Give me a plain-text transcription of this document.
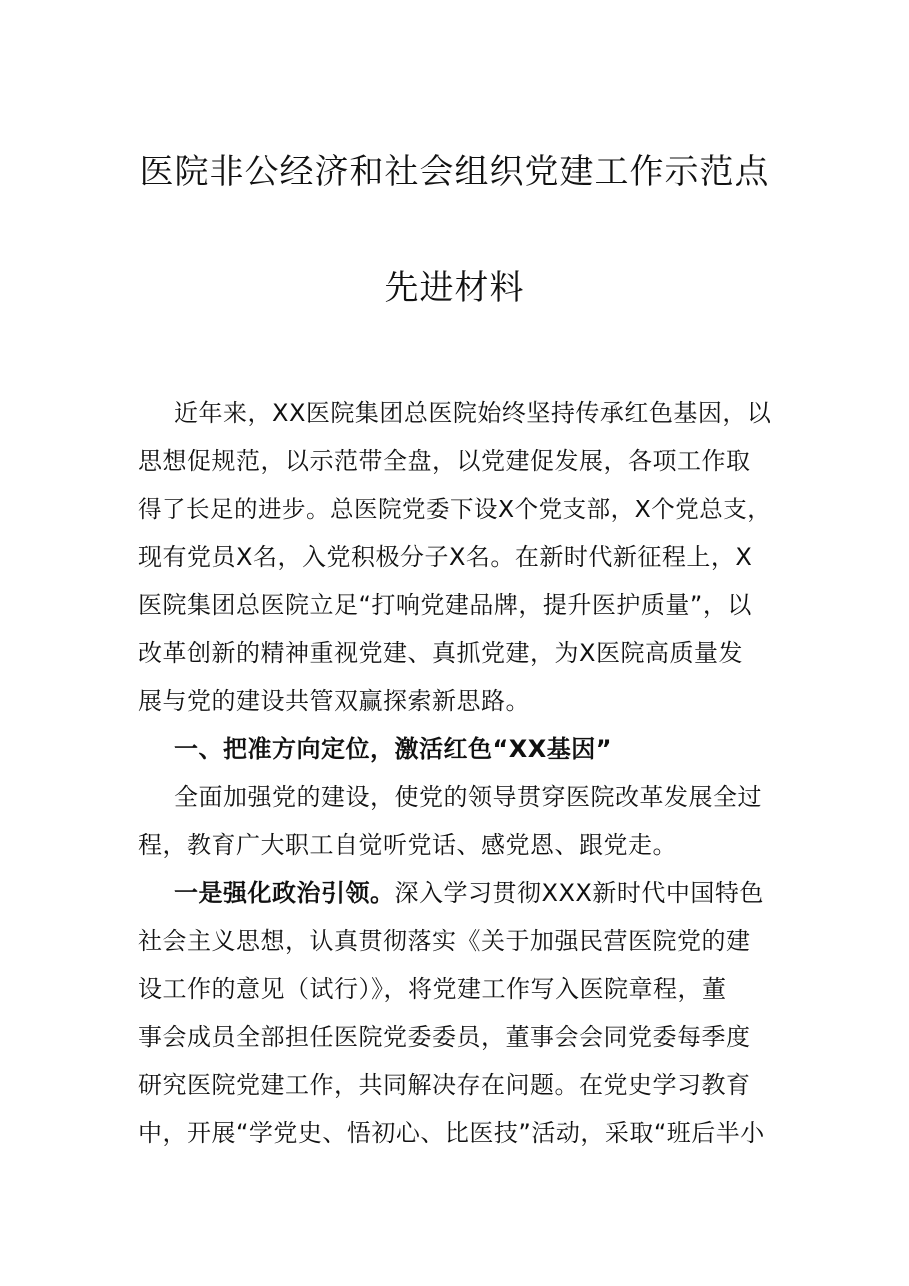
医院非公经济和社会组织党建工作示范点
先进材料
近年来，XX医院集团总医院始终坚持传承红色基因，以
思想促规范，以示范带全盘，以党建促发展，各项工作取
得了长足的进步。总医院党委下设X个党支部，X个党总支，
现有党员X名，入党积极分子X名。在新时代新征程上，X
医院集团总医院立足“打响党建品牌，提升医护质量”，以
改革创新的精神重视党建、真抓党建，为X医院高质量发
展与党的建设共管双赢探索新思路。
一、把准方向定位，激活红色“XX基因”
全面加强党的建设，使党的领导贯穿医院改革发展全过
程，教育广大职工自觉听党话、感党恩、跟党走。
一是强化政治引领。深入学习贯彻XXX新时代中国特色
社会主义思想，认真贯彻落实《关于加强民营医院党的建
设工作的意见（试行）》，将党建工作写入医院章程，董
事会成员全部担任医院党委委员，董事会会同党委每季度
研究医院党建工作，共同解决存在问题。在党史学习教育
中，开展“学党史、悟初心、比医技”活动，采取“班后半小
